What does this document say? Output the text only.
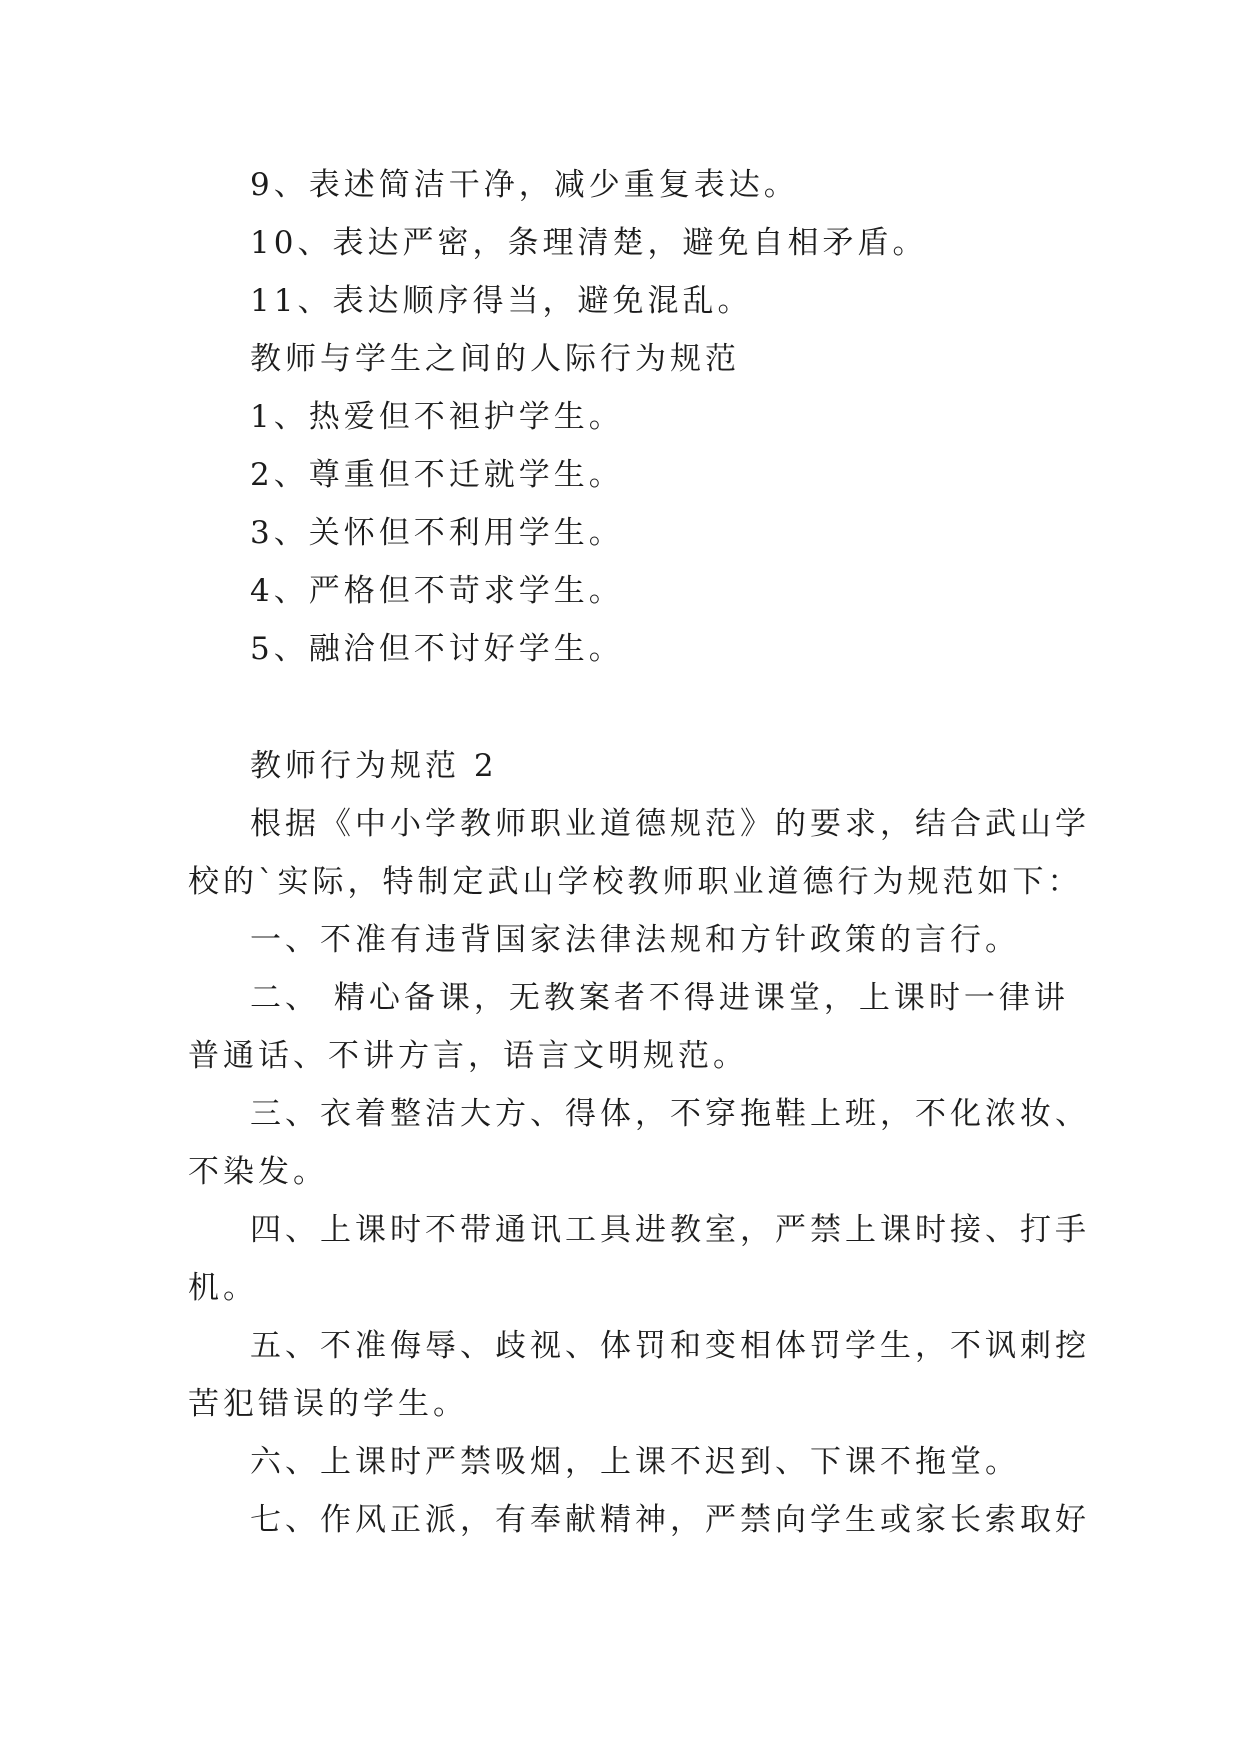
9、表述简洁干净，减少重复表达。
10、表达严密，条理清楚，避免自相矛盾。
11、表达顺序得当，避免混乱。
教师与学生之间的人际行为规范
1、热爱但不袒护学生。
2、尊重但不迁就学生。
3、关怀但不利用学生。
4、严格但不苛求学生。
5、融洽但不讨好学生。
教师行为规范 2
根据《中小学教师职业道德规范》的要求，结合武山学
校的`实际，特制定武山学校教师职业道德行为规范如下：
一、不准有违背国家法律法规和方针政策的言行。
二、 精心备课，无教案者不得进课堂，上课时一律讲
普通话、不讲方言，语言文明规范。
三、衣着整洁大方、得体，不穿拖鞋上班，不化浓妆、
不染发。
四、上课时不带通讯工具进教室，严禁上课时接、打手
机。
五、不准侮辱、歧视、体罚和变相体罚学生，不讽刺挖
苦犯错误的学生。
六、上课时严禁吸烟，上课不迟到、下课不拖堂。
七、作风正派，有奉献精神，严禁向学生或家长索取好
